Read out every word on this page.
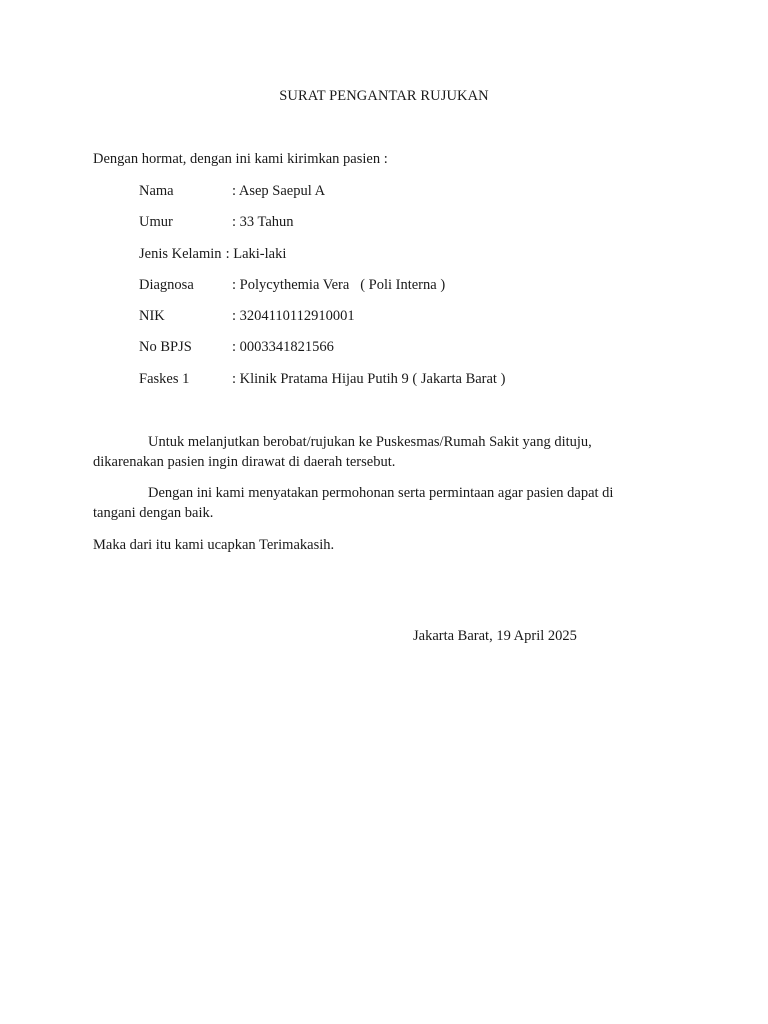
SURAT PENGANTAR RUJUKAN
Dengan hormat, dengan ini kami kirimkan pasien :
Nama	: Asep Saepul A
Umur	: 33 Tahun
Jenis Kelamin : Laki-laki
Diagnosa	: Polycythemia Vera   ( Poli Interna )
NIK	: 3204110112910001
No BPJS	: 0003341821566
Faskes 1	: Klinik Pratama Hijau Putih 9 ( Jakarta Barat )
Untuk melanjutkan berobat/rujukan ke Puskesmas/Rumah Sakit yang dituju, dikarenakan pasien ingin dirawat di daerah tersebut.
Dengan ini kami menyatakan permohonan serta permintaan agar pasien dapat di tangani dengan baik.
Maka dari itu kami ucapkan Terimakasih.
Jakarta Barat, 19 April 2025
